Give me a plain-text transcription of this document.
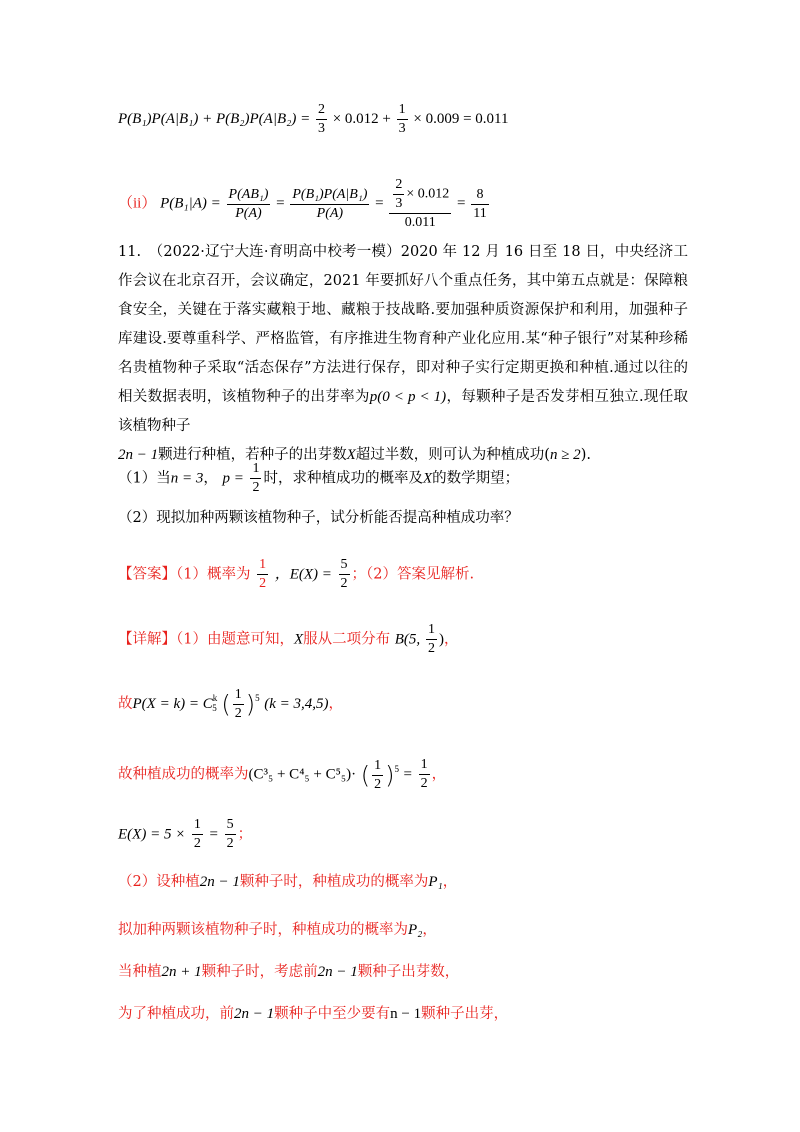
$P(B_1)P(A|B_1) + P(B_2)P(A|B_2) = \frac{2}{3} \times 0.012 + \frac{1}{3} \times 0.009 = 0.011$
（ii） $P(B_1|A) = \frac{\text{P(AB₁)}}{P(A)} = \frac{\text{P(B₁)P(A|B₁)}}{P(A)} = \frac{\frac{2}{3} \times 0.012}{0.011} = \frac{8}{11}$
11.　（2022·辽宁大连·育明高中校考一模）2020 年 12 月 16 日至 18 日，中央经济工作会议在北京召开，会议确定，2021 年要抓好八个重点任务，其中第五点就是：保障粮食安全，关键在于落实藏粮于地、藏粮于技战略.要加强种质资源保护和利用，加强种子库建设.要尊重科学、严格监管，有序推进生物育种产业化应用.某“种子银行”对某种珍稀名贵植物种子采取“活态保存”方法进行保存，即对种子实行定期更换和种植.通过以往的相关数据表明，该植物种子的出芽率为p(0 < p < 1)，每颗种子是否发芽相互独立.现任取该植物种子
2n − 1颗进行种植，若种子的出芽数X超过半数，则可认为种植成功(n ≥ 2).
（1）当n = 3， $p = \frac{1}{2}$ 时，求种植成功的概率及X的数学期望；
（2）现拟加种两颗该植物种子，试分析能否提高种植成功率？
【答案】（1）概率为 $\frac{1}{2}$ ，$E(X) = \frac{5}{2}$ ；（2）答案见解析.
【详解】（1）由题意可知，X服从二项分布 B(5, $\frac{1}{2}$ )，
故$P(X = k) = C^k_5$ ( $\frac{1}{2} )^5$ (k = 3,4,5)，
故种植成功的概率为(C³₅ + C⁴₅ + C⁵₅)· ( $\frac{1}{2} )^5 = \frac{1}{2}$ ，
$E(X) = 5 \times \frac{1}{2} = \frac{5}{2}$ ；
（2）设种植2n − 1颗种子时，种植成功的概率为P₁，
拟加种两颗该植物种子时，种植成功的概率为P₂，
当种植2n + 1颗种子时，考虑前2n − 1颗种子出芽数，
为了种植成功，前2n − 1颗种子中至少要有n − 1颗种子出芽，
